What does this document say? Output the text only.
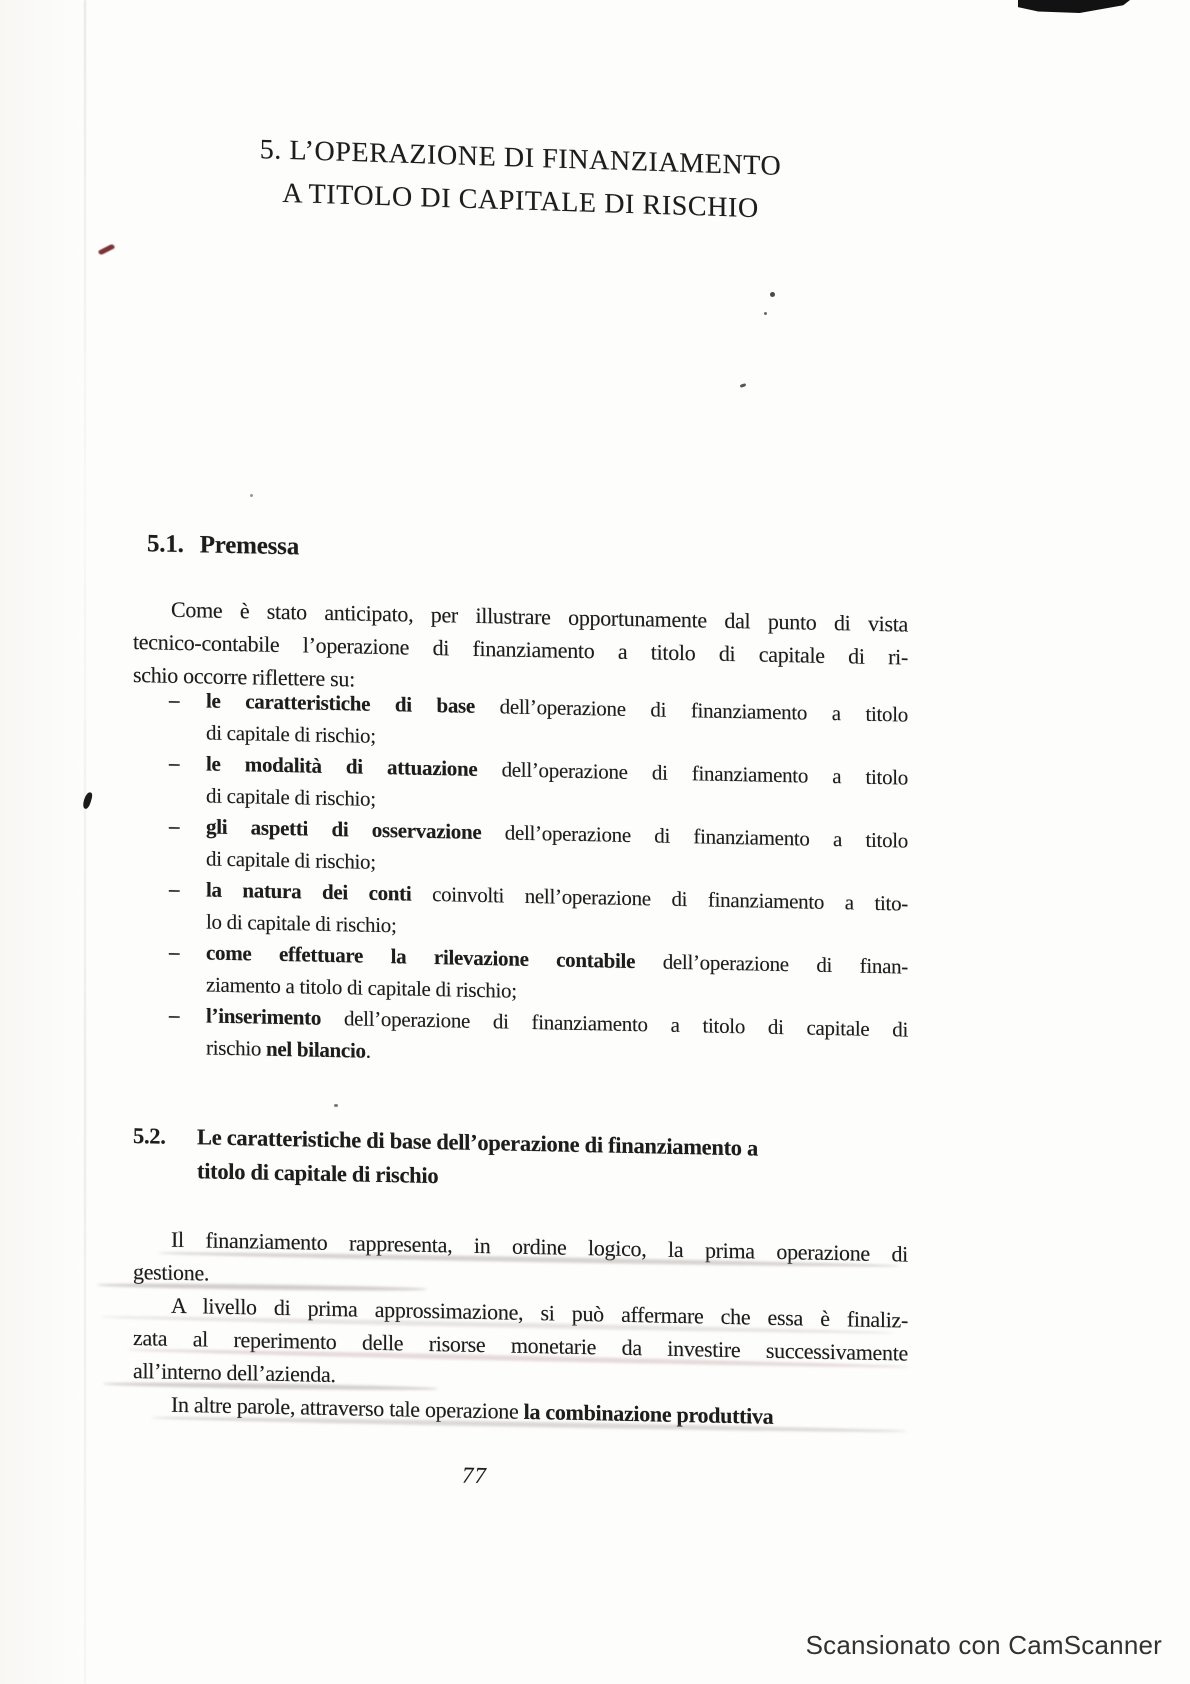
5. L’OPERAZIONE DI FINANZIAMENTO
A TITOLO DI CAPITALE DI RISCHIO
5.1. Premessa
Come è stato anticipato, per illustrare opportunamente dal punto di vista
tecnico-contabile l’operazione di finanziamento a titolo di capitale di ri-
schio occorre riflettere su:
–	le caratteristiche di base dell’operazione di finanziamento a titolo
di capitale di rischio;
–	le modalità di attuazione dell’operazione di finanziamento a titolo
di capitale di rischio;
–	gli aspetti di osservazione dell’operazione di finanziamento a titolo
di capitale di rischio;
–	la natura dei conti coinvolti nell’operazione di finanziamento a tito-
lo di capitale di rischio;
–	come effettuare la rilevazione contabile dell’operazione di finan-
ziamento a titolo di capitale di rischio;
–	l’inserimento dell’operazione di finanziamento a titolo di capitale di
rischio nel bilancio.
5.2. Le caratteristiche di base dell’operazione di finanziamento a
titolo di capitale di rischio
Il finanziamento rappresenta, in ordine logico, la prima operazione di
gestione.
A livello di prima approssimazione, si può affermare che essa è finaliz-
zata al reperimento delle risorse monetarie da investire successivamente
all’interno dell’azienda.
In altre parole, attraverso tale operazione la combinazione produttiva
77
Scansionato con CamScanner
